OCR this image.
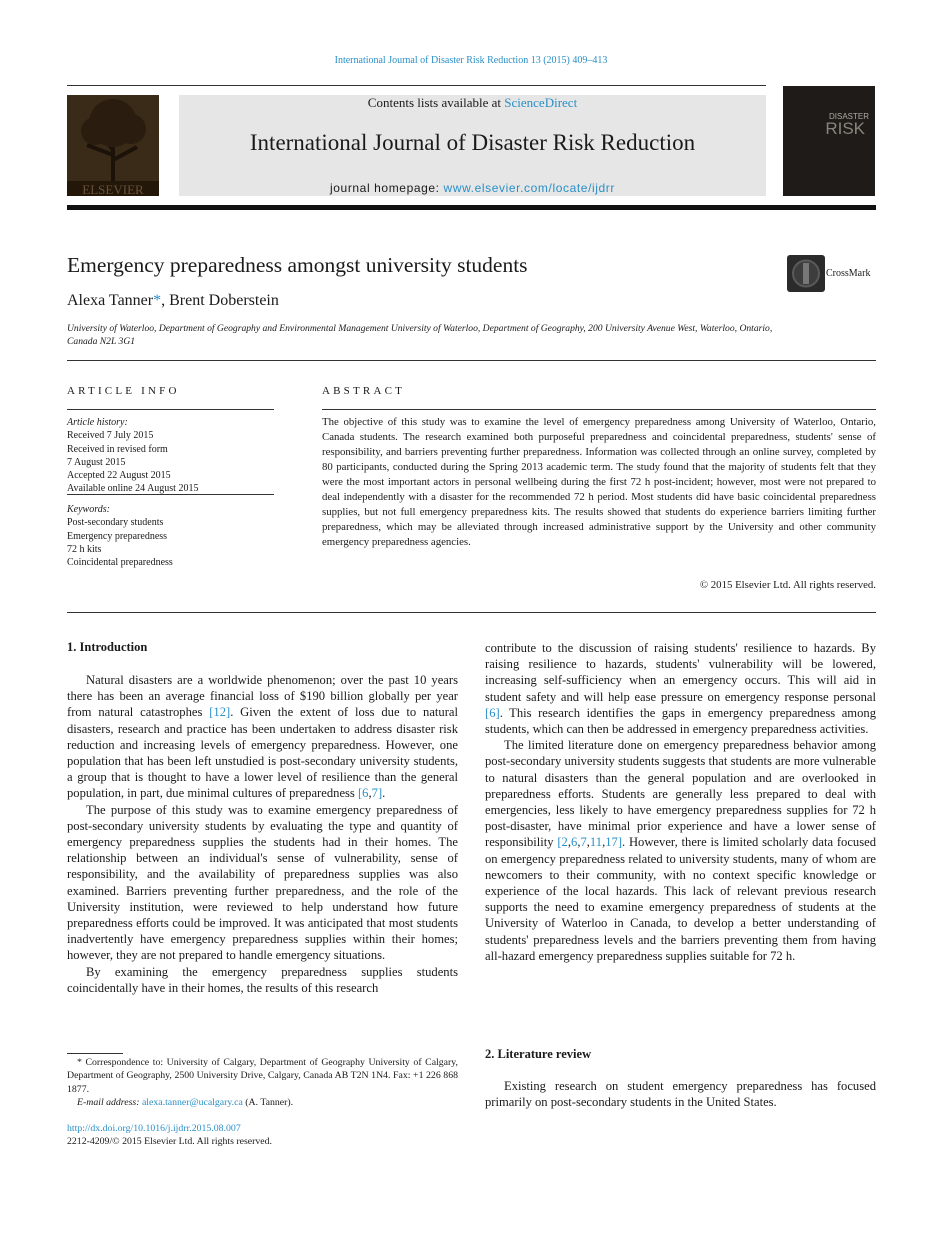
International Journal of Disaster Risk Reduction 13 (2015) 409–413
ELSEVIER
Contents lists available at ScienceDirect
International Journal of Disaster Risk Reduction
journal homepage: www.elsevier.com/locate/ijdrr
DISASTER
RISK
Emergency preparedness amongst university students	CrossMark
Alexa Tanner*, Brent Doberstein
University of Waterloo, Department of Geography and Environmental Management University of Waterloo, Department of Geography, 200 University Avenue West, Waterloo, Ontario, Canada N2L 3G1
ARTICLE INFO
Article history:
Received 7 July 2015
Received in revised form
7 August 2015
Accepted 22 August 2015
Available online 24 August 2015
Keywords:
Post-secondary students
Emergency preparedness
72 h kits
Coincidental preparedness
ABSTRACT
The objective of this study was to examine the level of emergency preparedness among University of Waterloo, Ontario, Canada students. The research examined both purposeful preparedness and coincidental preparedness, students' sense of responsibility, and barriers preventing further preparedness. Information was collected through an online survey, completed by 80 participants, conducted during the Spring 2013 academic term. The study found that the majority of students felt that they were the most important actors in personal wellbeing during the first 72 h post-incident; however, most were not prepared to deal independently with a disaster for the recommended 72 h period. Most students did have basic coincidental preparedness supplies, but not full emergency preparedness kits. The results showed that students do experience barriers limiting further preparedness, which may be alleviated through increased administrative support by the University and other community emergency preparedness agencies.
© 2015 Elsevier Ltd. All rights reserved.
1. Introduction

Natural disasters are a worldwide phenomenon; over the past 10 years there has been an average financial loss of $190 billion globally per year from natural catastrophes [12]. Given the extent of loss due to natural disasters, research and practice has been undertaken to address disaster risk reduction and increasing levels of emergency preparedness. However, one population that has been left unstudied is post-secondary university students, a group that is thought to have a lower level of resilience than the general population, in part, due minimal cultures of preparedness [6,7].

The purpose of this study was to examine emergency preparedness of post-secondary university students by evaluating the type and quantity of emergency preparedness supplies the students had in their homes. The relationship between an individual's sense of vulnerability, sense of responsibility, and the availability of preparedness supplies was also examined. Barriers preventing further preparedness, and the role of the University institution, were reviewed to help understand how future preparedness efforts could be improved. It was anticipated that most students inadvertently have emergency preparedness supplies within their homes; however, they are not prepared to handle emergency situations.

By examining the emergency preparedness supplies students coincidentally have in their homes, the results of this research

contribute to the discussion of raising students' resilience to hazards. By raising resilience to hazards, students' vulnerability will be lowered, increasing self-sufficiency when an emergency occurs. This will aid in student safety and will help ease pressure on emergency response personal [6]. This research identifies the gaps in emergency preparedness among students, which can then be addressed in emergency preparedness activities.

The limited literature done on emergency preparedness behavior among post-secondary university students suggests that students are more vulnerable to natural disasters than the general population and are overlooked in preparedness efforts. Students are generally less prepared to deal with emergencies, less likely to have emergency preparedness supplies for 72 h post-disaster, have minimal prior experience and have a lower sense of responsibility [2,6,7,11,17]. However, there is limited scholarly data focused on emergency preparedness related to university students, many of whom are newcomers to their community, with no context specific knowledge or experience of the local hazards. This lack of relevant previous research supports the need to examine emergency preparedness of students at the University of Waterloo in Canada, to develop a better understanding of students' preparedness levels and the barriers preventing them from having all-hazard emergency preparedness supplies suitable for 72 h.

2. Literature review

Existing research on student emergency preparedness has focused primarily on post-secondary students in the United States.

* Correspondence to: University of Calgary, Department of Geography University of Calgary, Department of Geography, 2500 University Drive, Calgary, Canada AB T2N 1N4. Fax: +1 226 868 1877.
E-mail address: alexa.tanner@ucalgary.ca (A. Tanner).
http://dx.doi.org/10.1016/j.ijdrr.2015.08.007
2212-4209/© 2015 Elsevier Ltd. All rights reserved.
